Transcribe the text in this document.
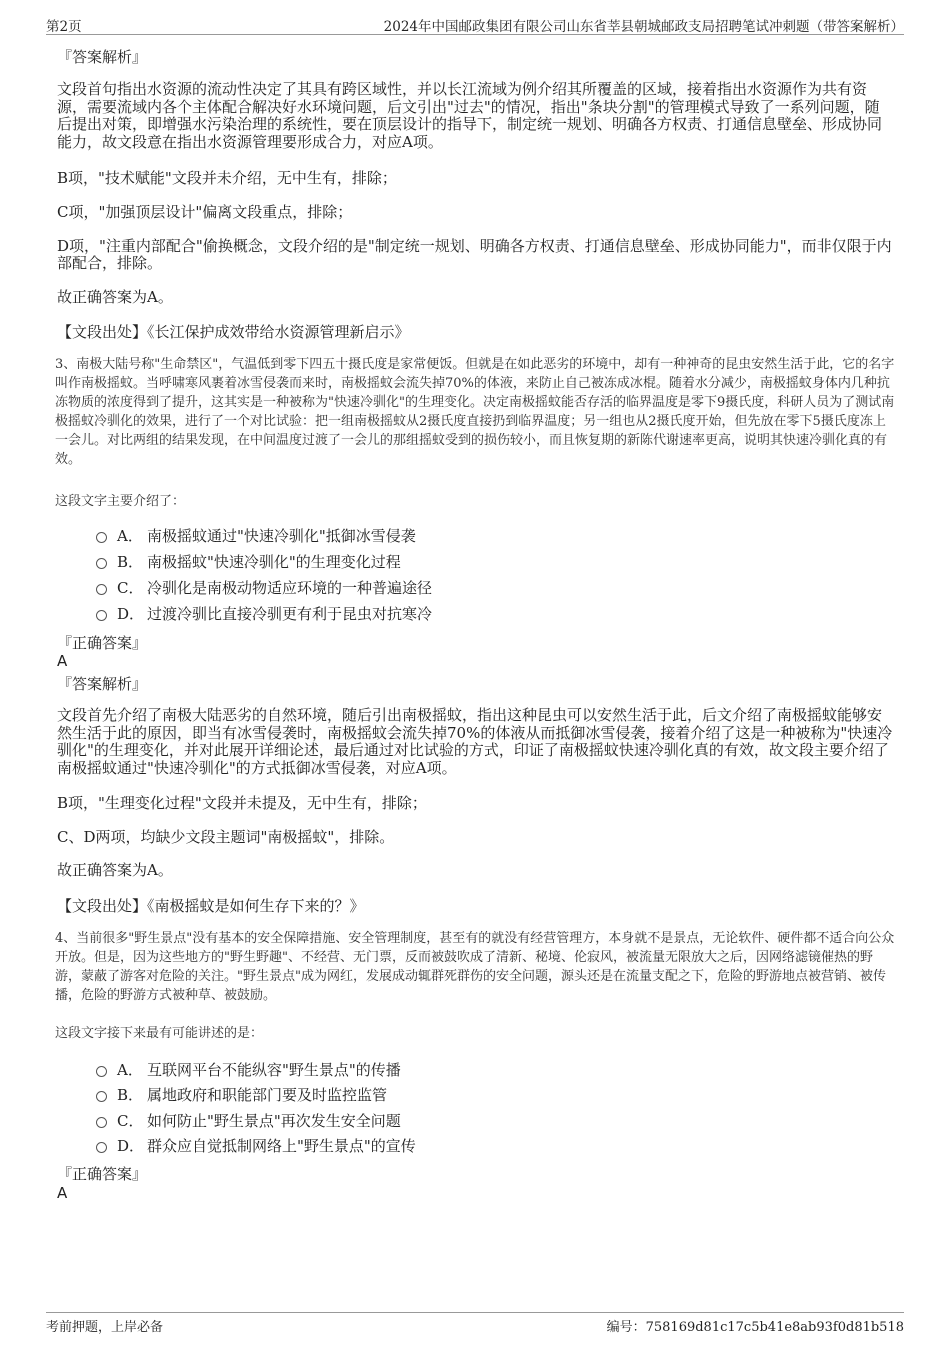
第2页	2024年中国邮政集团有限公司山东省莘县朝城邮政支局招聘笔试冲刺题（带答案解析）
『答案解析』

文段首句指出水资源的流动性决定了其具有跨区域性，并以长江流域为例介绍其所覆盖的区域，接着指出水资源作为共有资源，需要流域内各个主体配合解决好水环境问题，后文引出"过去"的情况，指出"条块分割"的管理模式导致了一系列问题，随后提出对策，即增强水污染治理的系统性，要在顶层设计的指导下，制定统一规划、明确各方权责、打通信息壁垒、形成协同能力，故文段意在指出水资源管理要形成合力，对应A项。

B项，"技术赋能"文段并未介绍，无中生有，排除；

C项，"加强顶层设计"偏离文段重点，排除；

D项，"注重内部配合"偷换概念，文段介绍的是"制定统一规划、明确各方权责、打通信息壁垒、形成协同能力"，而非仅限于内部配合，排除。

故正确答案为A。

【文段出处】《长江保护成效带给水资源管理新启示》

3、南极大陆号称"生命禁区"，气温低到零下四五十摄氏度是家常便饭。但就是在如此恶劣的环境中，却有一种神奇的昆虫安然生活于此，它的名字叫作南极摇蚊。当呼啸寒风裹着冰雪侵袭而来时，南极摇蚊会流失掉70%的体液，来防止自己被冻成冰棍。随着水分减少，南极摇蚊身体内几种抗冻物质的浓度得到了提升，这其实是一种被称为"快速冷驯化"的生理变化。决定南极摇蚊能否存活的临界温度是零下9摄氏度，科研人员为了测试南极摇蚊冷驯化的效果，进行了一个对比试验：把一组南极摇蚊从2摄氏度直接扔到临界温度；另一组也从2摄氏度开始，但先放在零下5摄氏度冻上一会儿。对比两组的结果发现，在中间温度过渡了一会儿的那组摇蚊受到的损伤较小，而且恢复期的新陈代谢速率更高，说明其快速冷驯化真的有效。

这段文字主要介绍了：

A． 南极摇蚊通过"快速冷驯化"抵御冰雪侵袭
B． 南极摇蚊"快速冷驯化"的生理变化过程
C． 冷驯化是南极动物适应环境的一种普遍途径
D． 过渡冷驯比直接冷驯更有利于昆虫对抗寒冷
『正确答案』
A
『答案解析』

文段首先介绍了南极大陆恶劣的自然环境，随后引出南极摇蚊，指出这种昆虫可以安然生活于此，后文介绍了南极摇蚊能够安然生活于此的原因，即当有冰雪侵袭时，南极摇蚊会流失掉70%的体液从而抵御冰雪侵袭，接着介绍了这是一种被称为"快速冷驯化"的生理变化，并对此展开详细论述，最后通过对比试验的方式，印证了南极摇蚊快速冷驯化真的有效，故文段主要介绍了南极摇蚊通过"快速冷驯化"的方式抵御冰雪侵袭，对应A项。

B项，"生理变化过程"文段并未提及，无中生有，排除；

C、D两项，均缺少文段主题词"南极摇蚊"，排除。

故正确答案为A。

【文段出处】《南极摇蚊是如何生存下来的？》

4、当前很多"野生景点"没有基本的安全保障措施、安全管理制度，甚至有的就没有经营管理方，本身就不是景点，无论软件、硬件都不适合向公众开放。但是，因为这些地方的"野生野趣"、不经营、无门票，反而被鼓吹成了清新、秘境、伦寂风，被流量无限放大之后，因网络滤镜催热的野游，蒙蔽了游客对危险的关注。"野生景点"成为网红，发展成动辄群死群伤的安全问题，源头还是在流量支配之下，危险的野游地点被营销、被传播，危险的野游方式被种草、被鼓励。

这段文字接下来最有可能讲述的是：

A． 互联网平台不能纵容"野生景点"的传播
B． 属地政府和职能部门要及时监控监管
C． 如何防止"野生景点"再次发生安全问题
D． 群众应自觉抵制网络上"野生景点"的宣传
『正确答案』
A
考前押题，上岸必备	编号：758169d81c17c5b41e8ab93f0d81b518
